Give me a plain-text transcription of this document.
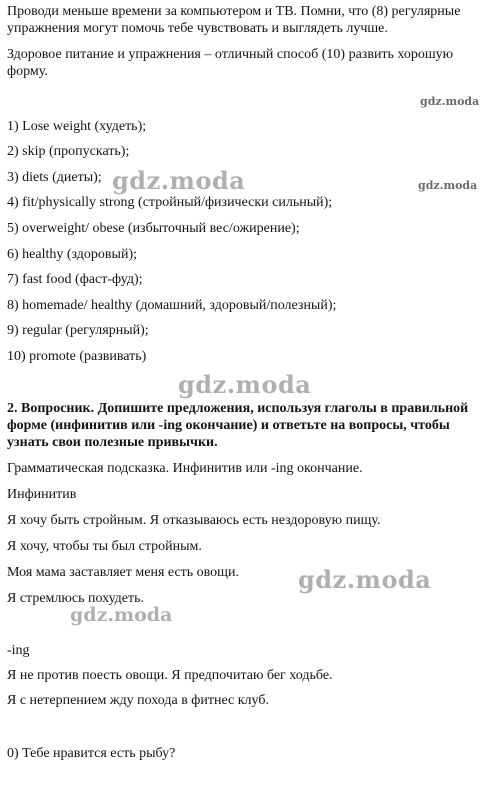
Проводи меньше времени за компьютером и ТВ. Помни, что (8) регулярные
упражнения могут помочь тебе чувствовать и выглядеть лучше.
Здоровое питание и упражнения – отличный способ (10) развить хорошую
форму.
1) Lose weight (худеть);
2) skip (пропускать);
3) diets (диеты);
4) fit/physically strong (стройный/физически сильный);
5) overweight/ obese (избыточный вес/ожирение);
6) healthy (здоровый);
7) fast food (фаст-фуд);
8) homemade/ healthy (домашний, здоровый/полезный);
9) regular (регулярный);
10) promote (развивать)
2. Вопросник. Допишите предложения, используя глаголы в правильной
форме (инфинитив или -ing окончание) и ответьте на вопросы, чтобы
узнать свои полезные привычки.
Грамматическая подсказка. Инфинитив или -ing окончание.
Инфинитив
Я хочу быть стройным. Я отказываюсь есть нездоровую пищу.
Я хочу, чтобы ты был стройным.
Моя мама заставляет меня есть овощи.
Я стремлюсь похудеть.
-ing
Я не против поесть овощи. Я предпочитаю бег ходьбе.
Я с нетерпением жду похода в фитнес клуб.
0) Тебе нравится есть рыбу?
gdz.moda
gdz.moda	gdz.moda
gdz.moda
gdz.moda
gdz.moda
